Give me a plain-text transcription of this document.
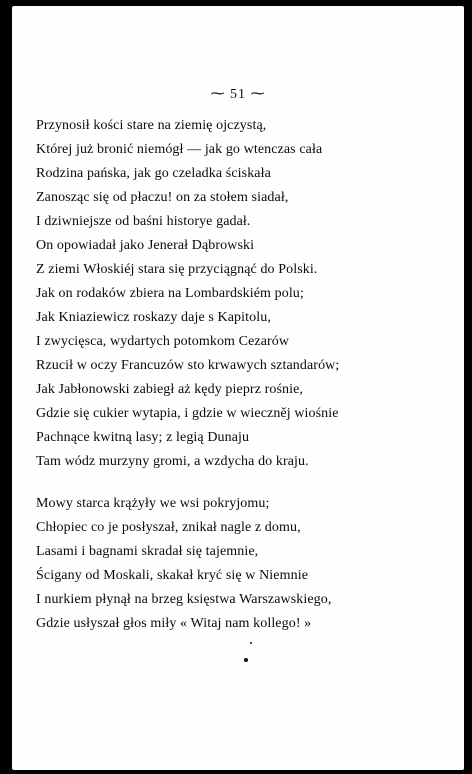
⁓ 51 ⁓
Przynosił kości stare na ziemię ojczystą,
Której już bronić niemógł — jak go wtenczas cała
Rodzina pańska, jak go czeladka ściskała
Zanosząc się od płaczu! on za stołem siadał,
I dziwniejsze od baśni historye gadał.
On opowiadał jako Jenerał Dąbrowski
Z ziemi Włoskiéj stara się przyciągnąć do Polski.
Jak on rodaków zbiera na Lombardskiém polu;
Jak Kniaziewicz roskazy daje s Kapitolu,
I zwycięsca, wydartych potomkom Cezarów
Rzucił w oczy Francuzów sto krwawych sztandarów;
Jak Jabłonowski zabiegł aż kędy pieprz rośnie,
Gdzie się cukier wytapia, i gdzie w wieczněj wiośnie
Pachnące kwitną lasy; z legią Dunaju
Tam wódz murzyny gromi, a wzdycha do kraju.
Mowy starca krążyły we wsi pokryjomu;
Chłopiec co je posłyszał, znikał nagle z domu,
Lasami i bagnami skradał się tajemnie,
Ścigany od Moskali, skakał kryć się w Niemnie
I nurkiem płynął na brzeg księstwa Warszawskiego,
Gdzie usłyszał głos miły « Witaj nam kollego! »
